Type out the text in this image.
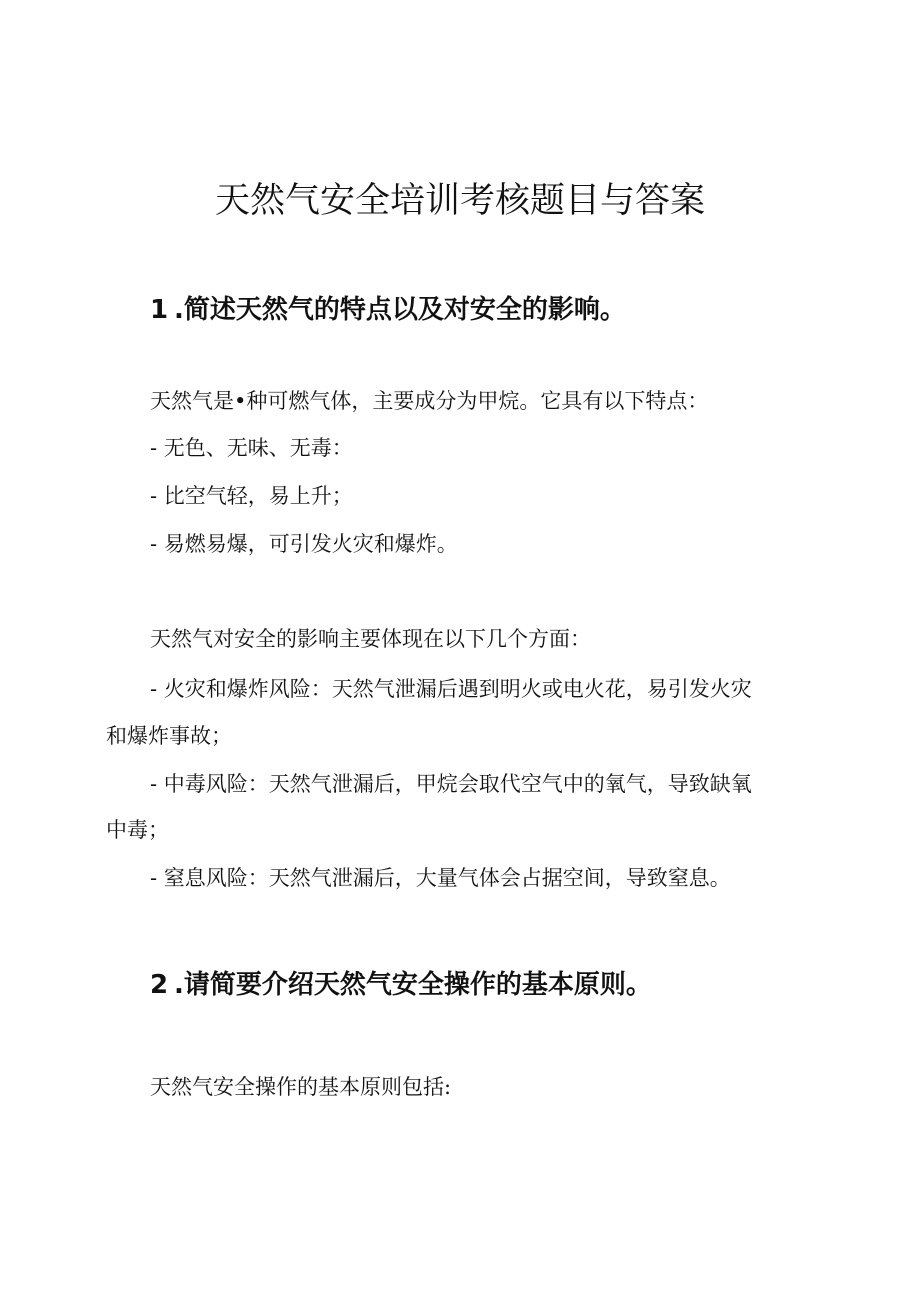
天然气安全培训考核题目与答案
1 .简述天然气的特点以及对安全的影响。

天然气是•种可燃气体，主要成分为甲烷。它具有以下特点：

- 无色、无味、无毒：

- 比空气轻，易上升；

- 易燃易爆，可引发火灾和爆炸。

天然气对安全的影响主要体现在以下几个方面：

- 火灾和爆炸风险：天然气泄漏后遇到明火或电火花，易引发火灾

和爆炸事故；

- 中毒风险：天然气泄漏后，甲烷会取代空气中的氧气，导致缺氧

中毒；

- 窒息风险：天然气泄漏后，大量气体会占据空间，导致窒息。

2 .请简要介绍天然气安全操作的基本原则。

天然气安全操作的基本原则包括:
